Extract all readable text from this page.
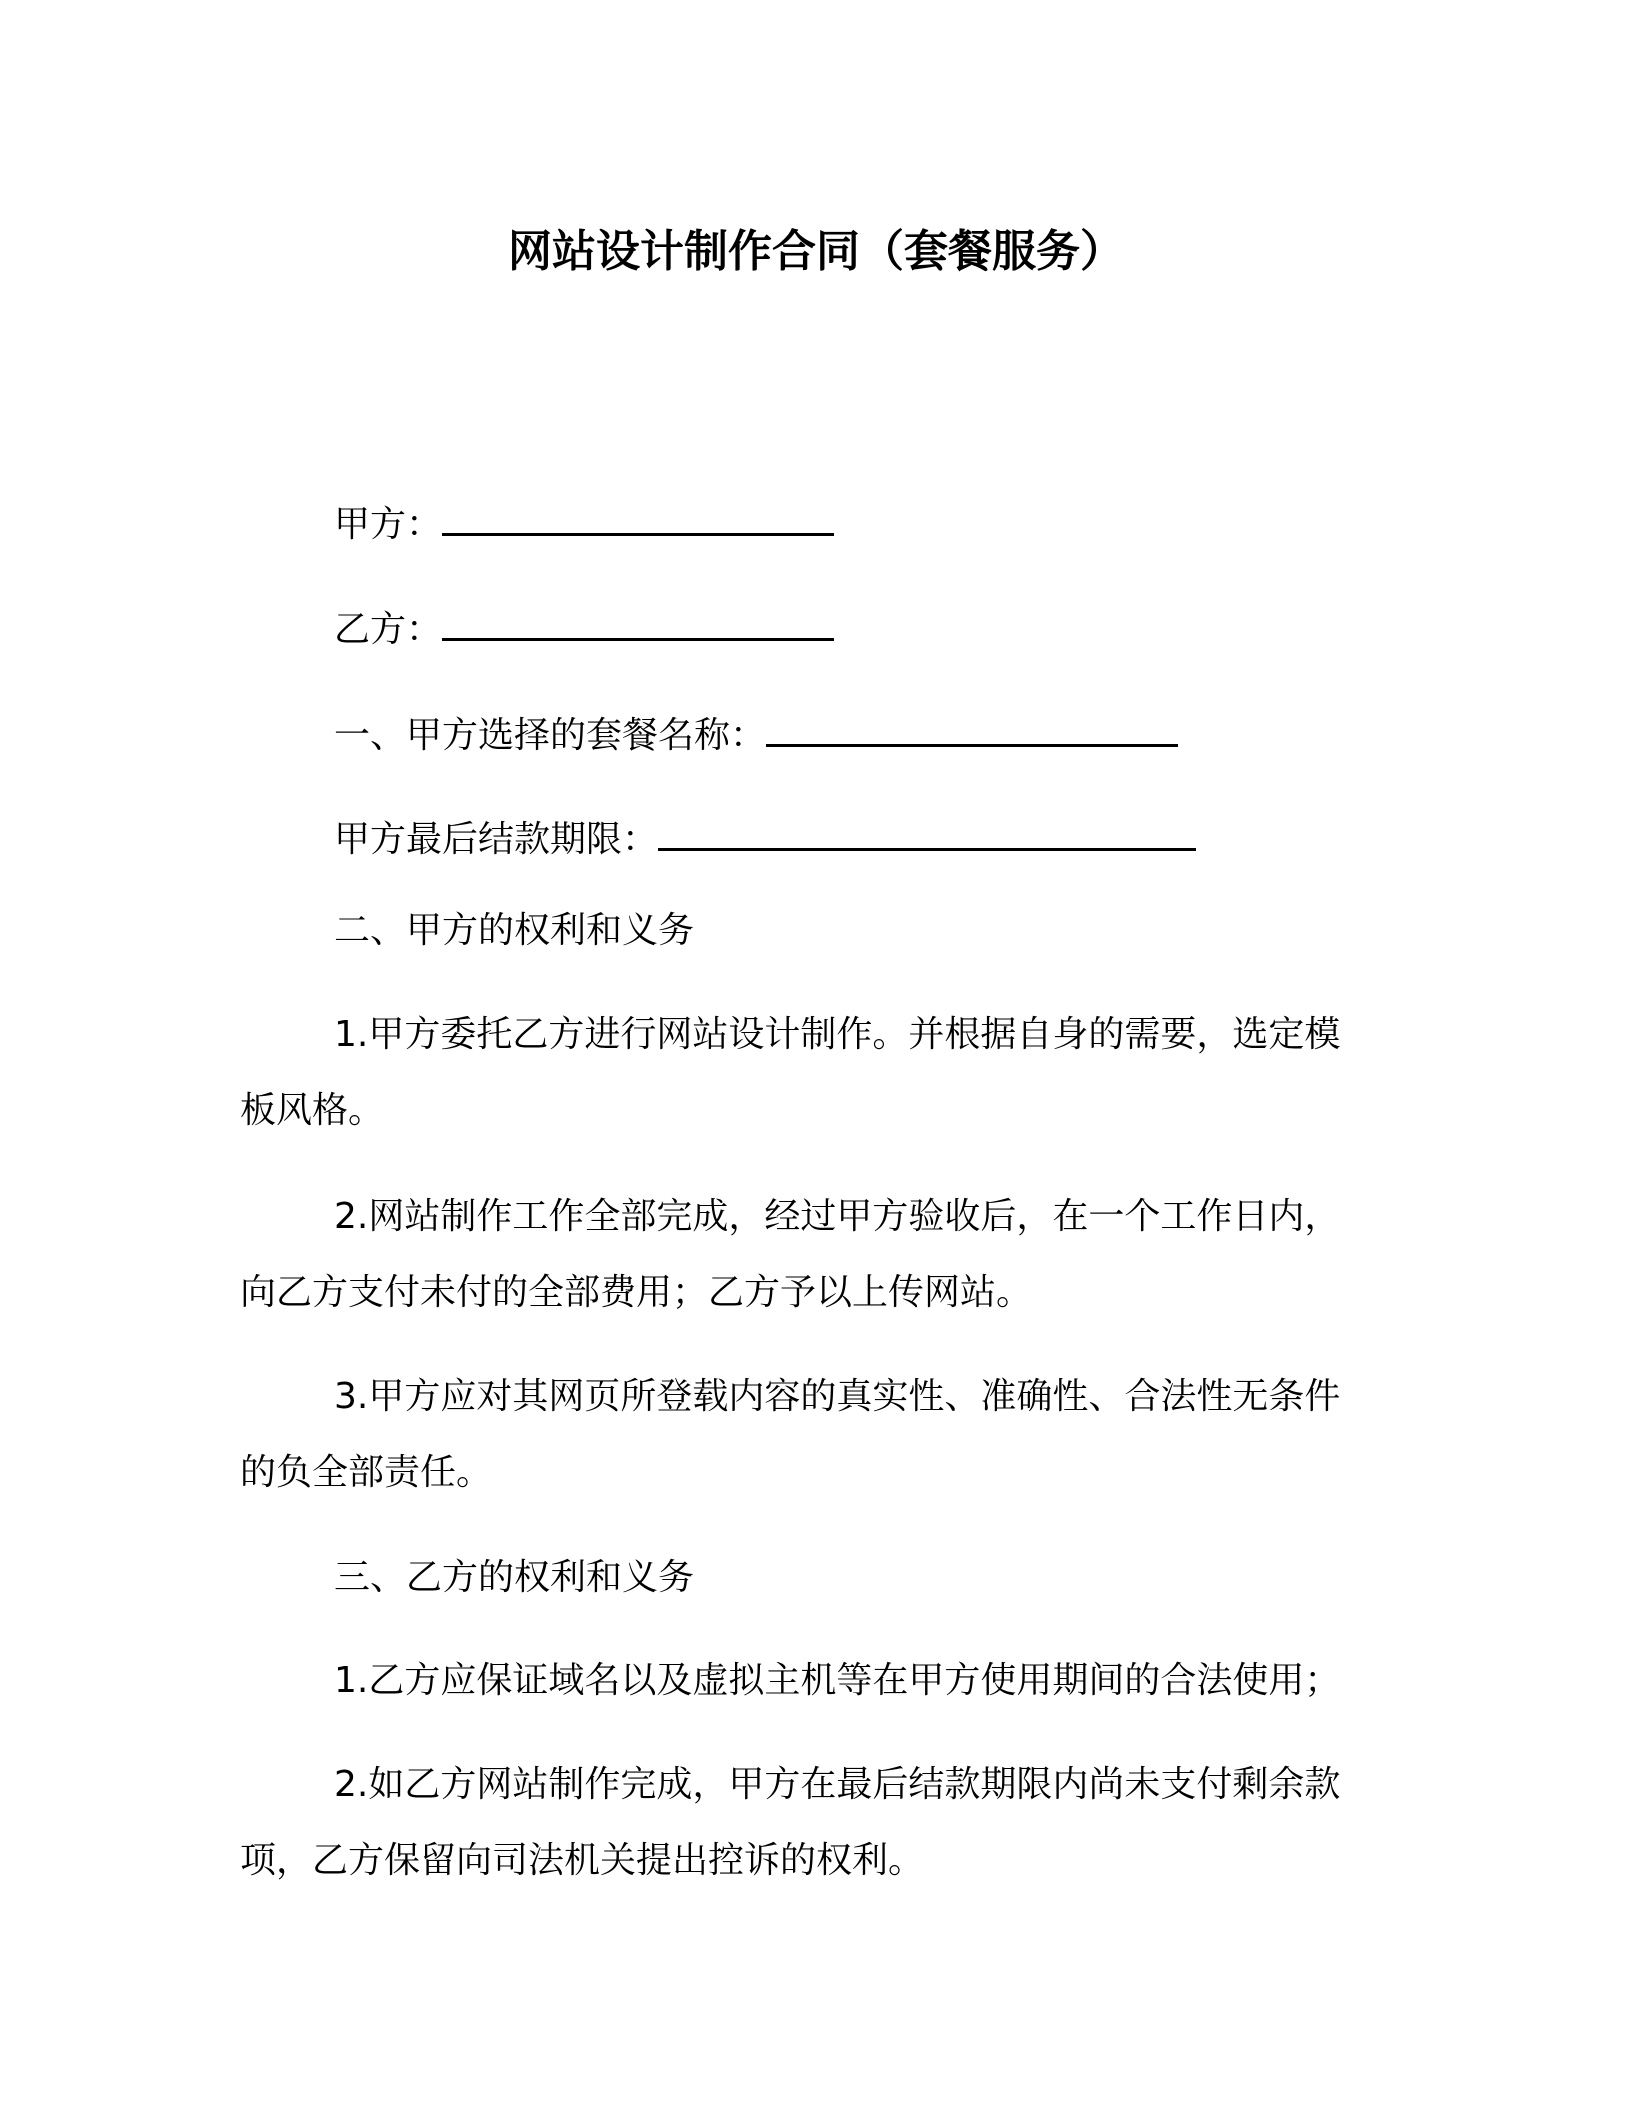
网站设计制作合同（套餐服务）
甲方：
乙方：
一、甲方选择的套餐名称：
甲方最后结款期限：
二、甲方的权利和义务
1.甲方委托乙方进行网站设计制作。并根据自身的需要，选定模
板风格。
2.网站制作工作全部完成，经过甲方验收后，在一个工作日内，
向乙方支付未付的全部费用；乙方予以上传网站。
3.甲方应对其网页所登载内容的真实性、准确性、合法性无条件
的负全部责任。
三、乙方的权利和义务
1.乙方应保证域名以及虚拟主机等在甲方使用期间的合法使用；
2.如乙方网站制作完成，甲方在最后结款期限内尚未支付剩余款
项，乙方保留向司法机关提出控诉的权利。
